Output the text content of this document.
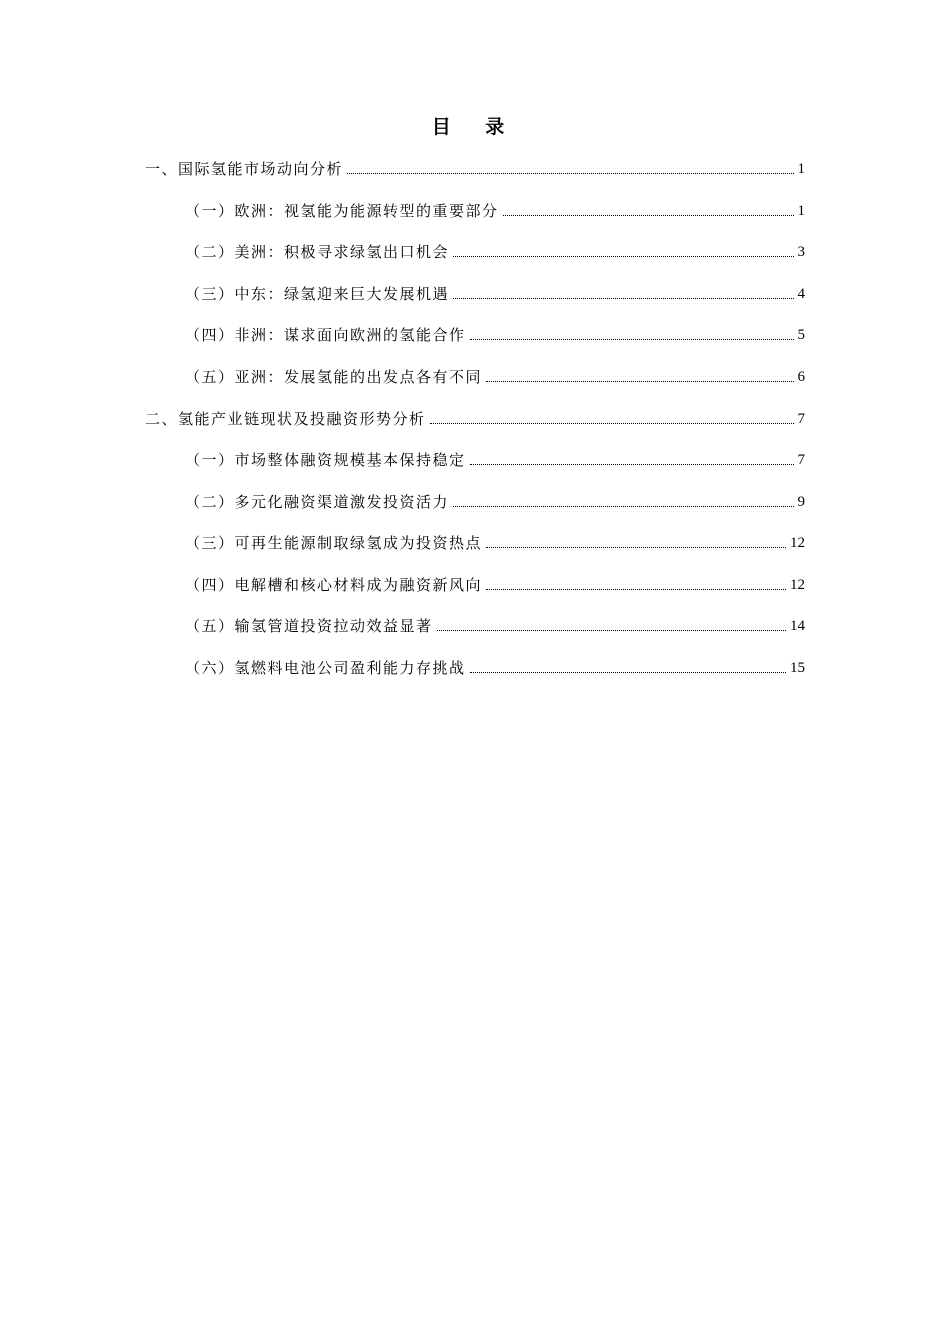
目 录
一、国际氢能市场动向分析	1
（一）欧洲：视氢能为能源转型的重要部分	1
（二）美洲：积极寻求绿氢出口机会	3
（三）中东：绿氢迎来巨大发展机遇	4
（四）非洲：谋求面向欧洲的氢能合作	5
（五）亚洲：发展氢能的出发点各有不同	6
二、氢能产业链现状及投融资形势分析	7
（一）市场整体融资规模基本保持稳定	7
（二）多元化融资渠道激发投资活力	9
（三）可再生能源制取绿氢成为投资热点	12
（四）电解槽和核心材料成为融资新风向	12
（五）输氢管道投资拉动效益显著	14
（六）氢燃料电池公司盈利能力存挑战	15
